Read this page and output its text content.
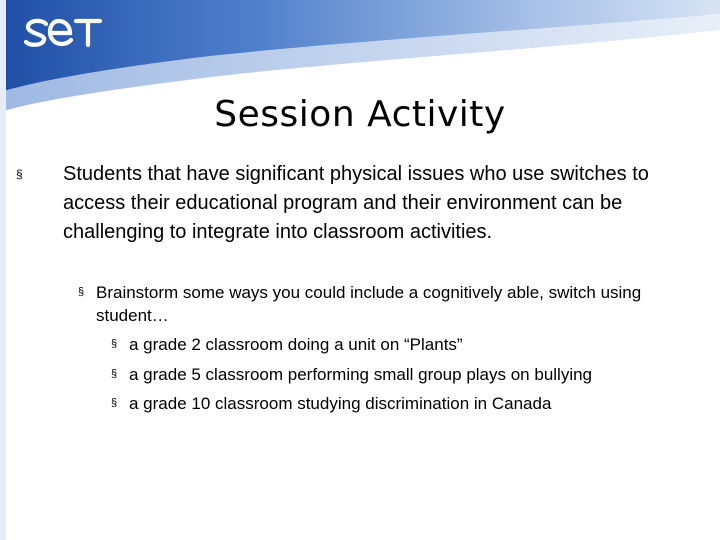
Session Activity
§ Students that have significant physical issues who use switches to access their educational program and their environment can be challenging to integrate into classroom activities.
§ Brainstorm some ways you could include a cognitively able, switch using student…
§ a grade 2 classroom doing a unit on “Plants”
§ a grade 5 classroom performing small group plays on bullying
§ a grade 10 classroom studying discrimination in Canada
